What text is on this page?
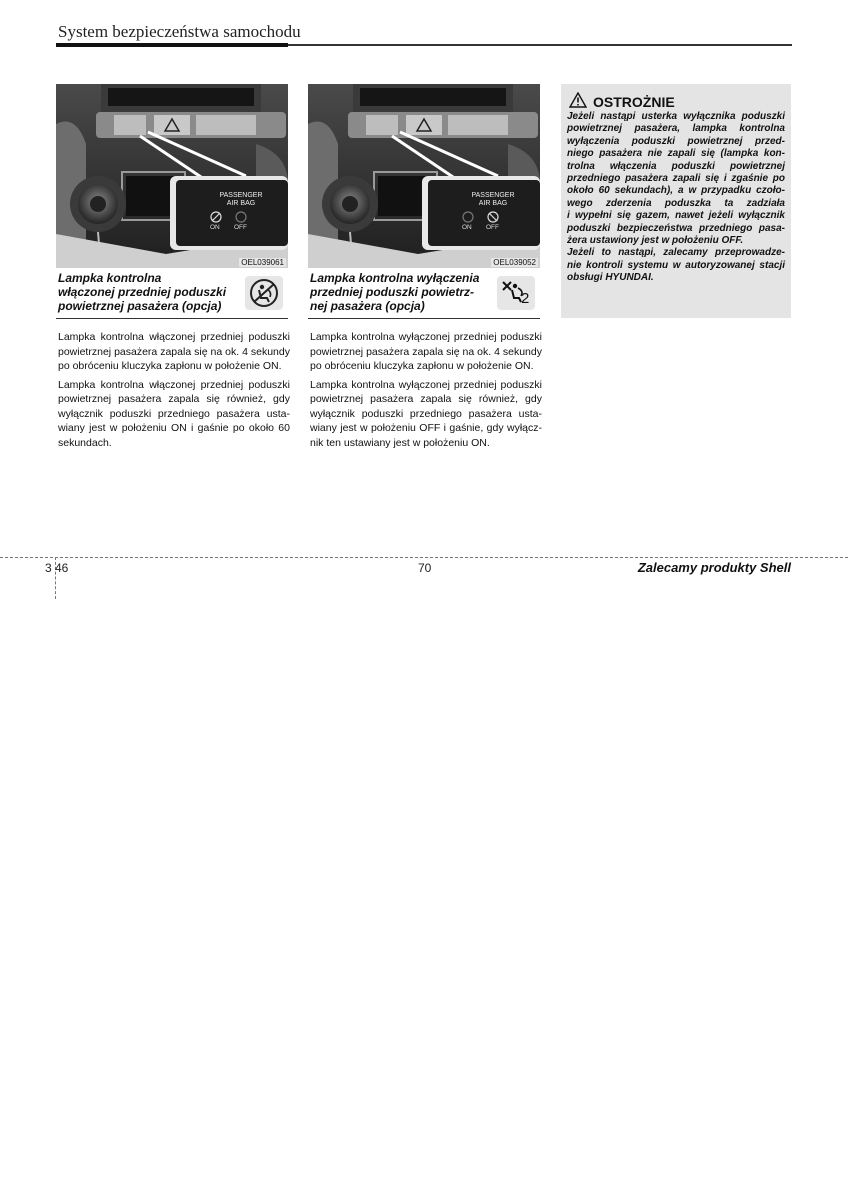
System bezpieczeństwa samochodu
PASSENGER
AIR BAG
ON OFF
OEL039061
Lampka kontrolna
włączonej przedniej poduszki
powietrznej pasażera (opcja)

Lampka kontrolna włączonej przedniej poduszki
powietrznej pasażera zapala się na ok. 4 sekundy
po obróceniu kluczyka zapłonu w położenie ON.

Lampka kontrolna włączonej przedniej poduszki
powietrznej pasażera zapala się również, gdy
wyłącznik poduszki przedniego pasażera usta-
wiany jest w położeniu ON i gaśnie po około 60
sekundach.

PASSENGER
AIR BAG
ON OFF
OEL039052
Lampka kontrolna wyłączenia
przedniej poduszki powietrz-
nej pasażera (opcja)	2

Lampka kontrolna wyłączonej przedniej poduszki
powietrznej pasażera zapala się na ok. 4 sekundy
po obróceniu kluczyka zapłonu w położenie ON.

Lampka kontrolna wyłączonej przedniej poduszki
powietrznej pasażera zapala się również, gdy
wyłącznik poduszki przedniego pasażera usta-
wiany jest w położeniu OFF i gaśnie, gdy wyłącz-
nik ten ustawiany jest w położeniu ON.

OSTROŻNIE
Jeżeli nastąpi usterka wyłącznika poduszki
powietrznej pasażera, lampka kontrolna
wyłączenia poduszki powietrznej przed-
niego pasażera nie zapali się (lampka kon-
trolna włączenia poduszki powietrznej
przedniego pasażera zapali się i zgaśnie po
około 60 sekundach), a w przypadku czoło-
wego zderzenia poduszka ta zadziała
i wypełni się gazem, nawet jeżeli wyłącznik
poduszki bezpieczeństwa przedniego pasa-
żera ustawiony jest w położeniu OFF.
Jeżeli to nastąpi, zalecamy przeprowadze-
nie kontroli systemu w autoryzowanej stacji
obsługi HYUNDAI.
3 46	70	Zalecamy produkty Shell
